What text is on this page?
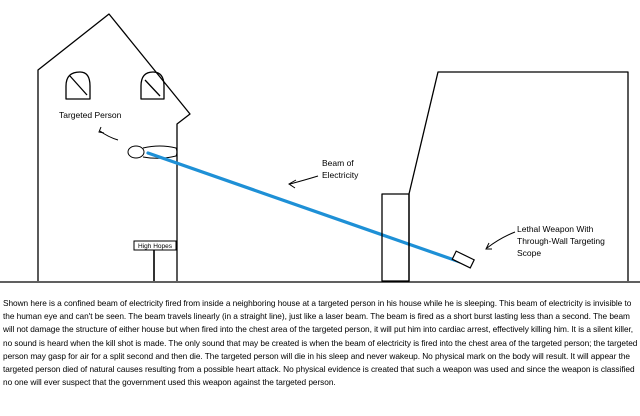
High Hopes
Targeted Person
Beam of
Electricity
Lethal Weapon With
Through-Wall Targeting
Scope

Shown here is a confined beam of electricity fired from inside a neighboring house at a targeted person in his house while he is sleeping. This beam of electricity is invisible to the human eye and can't be seen. The beam travels linearly (in a straight line), just like a laser beam. The beam is fired as a short burst lasting less than a second. The beam will not damage the structure of either house but when fired into the chest area of the targeted person, it will put him into cardiac arrest, effectively killing him. It is a silent killer, no sound is heard when the kill shot is made. The only sound that may be created is when the beam of electricity is fired into the chest area of the targeted person; the targeted person may gasp for air for a split second and then die. The targeted person will die in his sleep and never wakeup. No physical mark on the body will result. It will appear the targeted person died of natural causes resulting from a possible heart attack. No physical evidence is created that such a weapon was used and since the weapon is classified no one will ever suspect that the government used this weapon against the targeted person.
